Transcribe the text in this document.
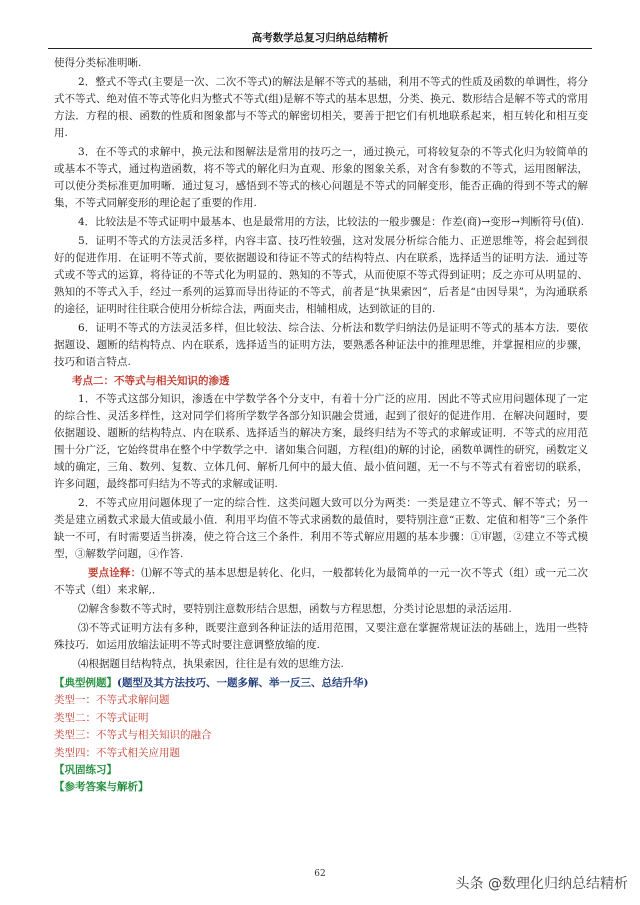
高考数学总复习归纳总结精析

使得分类标准明晰.

2．整式不等式(主要是一次、二次不等式)的解法是解不等式的基础，利用不等式的性质及函数的单调性，将分式不等式、绝对值不等式等化归为整式不等式(组)是解不等式的基本思想，分类、换元、数形结合是解不等式的常用方法．方程的根、函数的性质和图象都与不等式的解密切相关，要善于把它们有机地联系起来，相互转化和相互变用.

3．在不等式的求解中，换元法和图解法是常用的技巧之一，通过换元，可将较复杂的不等式化归为较简单的或基本不等式，通过构造函数，将不等式的解化归为直观、形象的图象关系，对含有参数的不等式，运用图解法，可以使分类标准更加明晰．通过复习，感悟到不等式的核心问题是不等式的同解变形，能否正确的得到不等式的解集，不等式同解变形的理论起了重要的作用.

4．比较法是不等式证明中最基本、也是最常用的方法，比较法的一般步骤是：作差(商)→变形→判断符号(值).

5．证明不等式的方法灵活多样，内容丰富、技巧性较强，这对发展分析综合能力、正逆思维等，将会起到很好的促进作用．在证明不等式前，要依据题设和待证不等式的结构特点、内在联系，选择适当的证明方法．通过等式或不等式的运算，将待证的不等式化为明显的、熟知的不等式，从而使原不等式得到证明；反之亦可从明显的、熟知的不等式入手，经过一系列的运算而导出待证的不等式，前者是“执果索因”，后者是“由因导果”，为沟通联系的途径，证明时往往联合使用分析综合法，两面夹击，相辅相成，达到欲证的目的.

6．证明不等式的方法灵活多样，但比较法、综合法、分析法和数学归纳法仍是证明不等式的基本方法．要依据题设、题断的结构特点、内在联系，选择适当的证明方法，要熟悉各种证法中的推理思维，并掌握相应的步骤，技巧和语言特点.

考点二：不等式与相关知识的渗透

1．不等式这部分知识，渗透在中学数学各个分支中，有着十分广泛的应用．因此不等式应用问题体现了一定的综合性、灵活多样性，这对同学们将所学数学各部分知识融会贯通，起到了很好的促进作用．在解决问题时，要依据题设、题断的结构特点、内在联系、选择适当的解决方案，最终归结为不等式的求解或证明．不等式的应用范围十分广泛，它始终贯串在整个中学数学之中．诸如集合问题，方程(组)的解的讨论，函数单调性的研究，函数定义域的确定，三角、数列、复数、立体几何、解析几何中的最大值、最小值问题，无一不与不等式有着密切的联系，许多问题，最终都可归结为不等式的求解或证明.

2．不等式应用问题体现了一定的综合性．这类问题大致可以分为两类：一类是建立不等式、解不等式；另一类是建立函数式求最大值或最小值．利用平均值不等式求函数的最值时，要特别注意“正数、定值和相等”三个条件缺一不可，有时需要适当拼凑，使之符合这三个条件．利用不等式解应用题的基本步骤：①审题，②建立不等式模型，③解数学问题，④作答.

要点诠释：⑴解不等式的基本思想是转化、化归，一般都转化为最简单的一元一次不等式（组）或一元二次不等式（组）来求解,．

⑵解含参数不等式时，要特别注意数形结合思想，函数与方程思想，分类讨论思想的录活运用.

⑶不等式证明方法有多种，既要注意到各种证法的适用范围，又要注意在掌握常规证法的基础上，选用一些特殊技巧．如运用放缩法证明不等式时要注意调整放缩的度.

⑷根据题目结构特点，执果索因，往往是有效的思维方法.

【典型例题】(题型及其方法技巧、一题多解、举一反三、总结升华)

类型一：不等式求解问题

类型二：不等式证明

类型三：不等式与相关知识的融合

类型四：不等式相关应用题

【巩固练习】

【参考答案与解析】

62
头条 @数理化归纳总结精析
